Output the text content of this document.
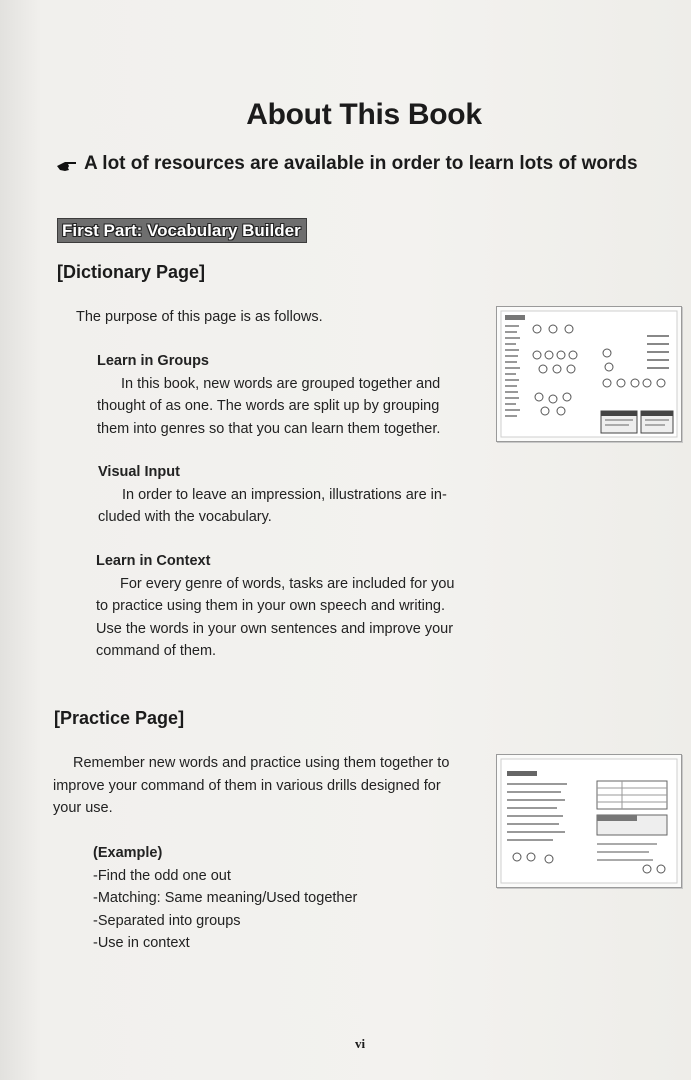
About This Book
A lot of resources are available in order to learn lots of words
First Part: Vocabulary Builder
[Dictionary Page]
The purpose of this page is as follows.
Learn in Groups
In this book, new words are grouped together and
thought of as one. The words are split up by grouping
them into genres so that you can learn them together.
Visual Input
In order to leave an impression, illustrations are in-
cluded with the vocabulary.
Learn in Context
For every genre of words, tasks are included for you
to practice using them in your own speech and writing.
Use the words in your own sentences and improve your
command of them.
[Practice Page]
Remember new words and practice using them together to
improve your command of them in various drills designed for
your use.
(Example)
-Find the odd one out
-Matching: Same meaning/Used together
-Separated into groups
-Use in context
vi
